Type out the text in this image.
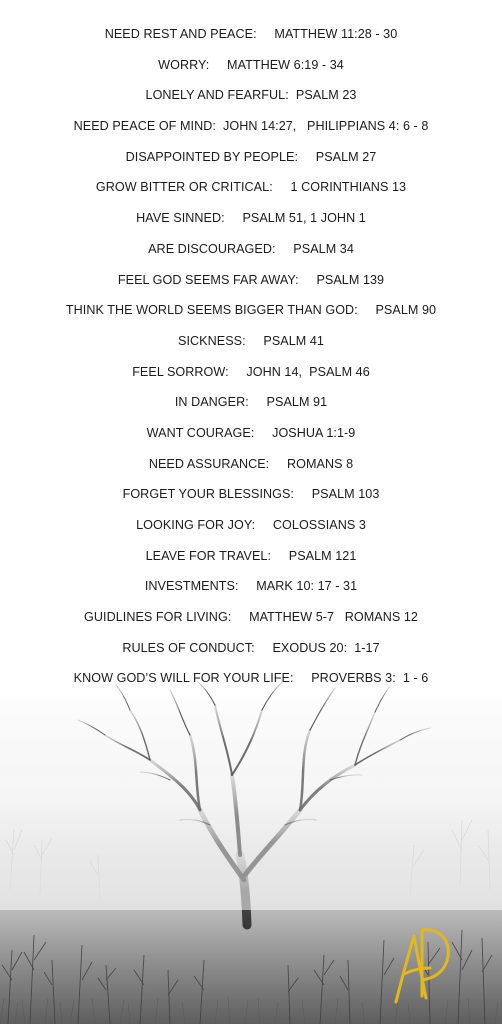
NEED REST AND PEACE:     MATTHEW 11:28 - 30
WORRY:     MATTHEW 6:19 - 34
LONELY AND FEARFUL:  PSALM 23
NEED PEACE OF MIND:  JOHN 14:27,   PHILIPPIANS 4: 6 - 8
DISAPPOINTED BY PEOPLE:     PSALM 27
GROW BITTER OR CRITICAL:     1 CORINTHIANS 13
HAVE SINNED:     PSALM 51, 1 JOHN 1
ARE DISCOURAGED:     PSALM 34
FEEL GOD SEEMS FAR AWAY:     PSALM 139
THINK THE WORLD SEEMS BIGGER THAN GOD:     PSALM 90
SICKNESS:     PSALM 41
FEEL SORROW:     JOHN 14,  PSALM 46
IN DANGER:     PSALM 91
WANT COURAGE:     JOSHUA 1:1-9
NEED ASSURANCE:     ROMANS 8
FORGET YOUR BLESSINGS:     PSALM 103
LOOKING FOR JOY:     COLOSSIANS 3
LEAVE FOR TRAVEL:     PSALM 121
INVESTMENTS:     MARK 10: 17 - 31
GUIDLINES FOR LIVING:     MATTHEW 5-7   ROMANS 12
RULES OF CONDUCT:     EXODUS 20:  1-17
KNOW GOD’S WILL FOR YOUR LIFE:     PROVERBS 3:  1 - 6
